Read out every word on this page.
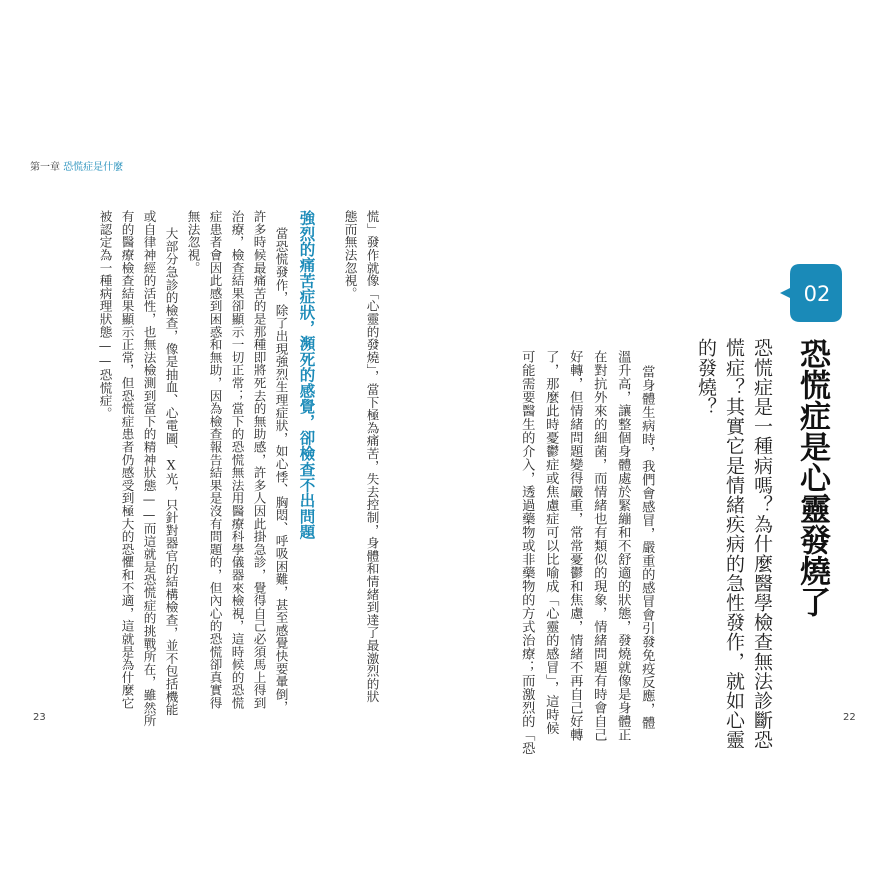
第一章 恐慌症是什麼
23	22
02
恐慌症是心靈發燒了
恐慌症是一種病嗎？為什麼醫學檢查無法診斷恐
慌症？其實它是情緒疾病的急性發作，就如心靈
的發燒？
當身體生病時，我們會感冒，嚴重的感冒會引發免疫反應，體
溫升高，讓整個身體處於緊繃和不舒適的狀態，發燒就像是身體正
在對抗外來的細菌，而情緒也有類似的現象，情緒問題有時會自己
好轉，但情緒問題變得嚴重，常常憂鬱和焦慮，情緒不再自己好轉
了，那麼此時憂鬱症或焦慮症可以比喻成「心靈的感冒」，這時候
可能需要醫生的介入，透過藥物或非藥物的方式治療；而激烈的「恐
慌」發作就像「心靈的發燒」，當下極為痛苦，失去控制，身體和情緒到達了最激烈的狀
態而無法忽視。
強烈的痛苦症狀，瀕死的感覺，卻檢查不出問題
當恐慌發作，除了出現強烈生理症狀，如心悸、胸悶、呼吸困難，甚至感覺快要暈倒，
許多時候最痛苦的是那種即將死去的無助感，許多人因此掛急診，覺得自己必須馬上得到
治療，檢查結果卻顯示一切正常；當下的恐慌無法用醫療科學儀器來檢視，這時候的恐慌
症患者會因此感到困惑和無助，因為檢查報告結果是沒有問題的，但內心的恐慌卻真實得
無法忽視。
大部分急診的檢查，像是抽血、心電圖、X光，只針對器官的結構檢查，並不包括機能
或自律神經的活性，也無法檢測到當下的精神狀態——而這就是恐慌症的挑戰所在，雖然所
有的醫療檢查結果顯示正常，但恐慌症患者仍感受到極大的恐懼和不適，這就是為什麼它
被認定為一種病理狀態——恐慌症。
